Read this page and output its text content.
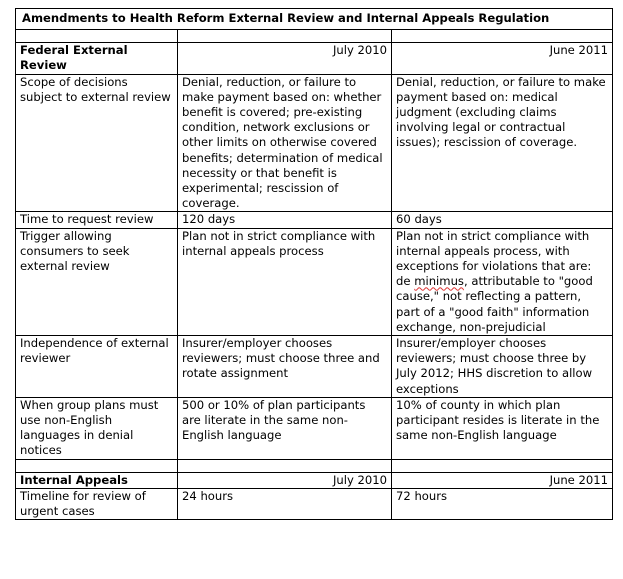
Amendments to Health Reform External Review and Internal Appeals Regulation		

Federal External Review	July 2010	June 2011
Scope of decisions subject to external review	Denial, reduction, or failure to make payment based on: whether benefit is covered; pre-existing condition, network exclusions or other limits on otherwise covered benefits; determination of medical necessity or that benefit is experimental; rescission of coverage.	Denial, reduction, or failure to make payment based on: medical judgment (excluding claims involving legal or contractual issues); rescission of coverage.
Time to request review	120 days	60 days
Trigger allowing consumers to seek external review	Plan not in strict compliance with internal appeals process	Plan not in strict compliance with internal appeals process, with exceptions for violations that are: de minimus, attributable to "good cause," not reflecting a pattern, part of a "good faith" information exchange, non-prejudicial
Independence of external reviewer	Insurer/employer chooses reviewers; must choose three and rotate assignment	Insurer/employer chooses reviewers; must choose three by July 2012; HHS discretion to allow exceptions
When group plans must use non-English languages in denial notices	500 or 10% of plan participants are literate in the same non-English language	10% of county in which plan participant resides is literate in the same non-English language

Internal Appeals	July 2010	June 2011
Timeline for review of urgent cases	24 hours	72 hours
